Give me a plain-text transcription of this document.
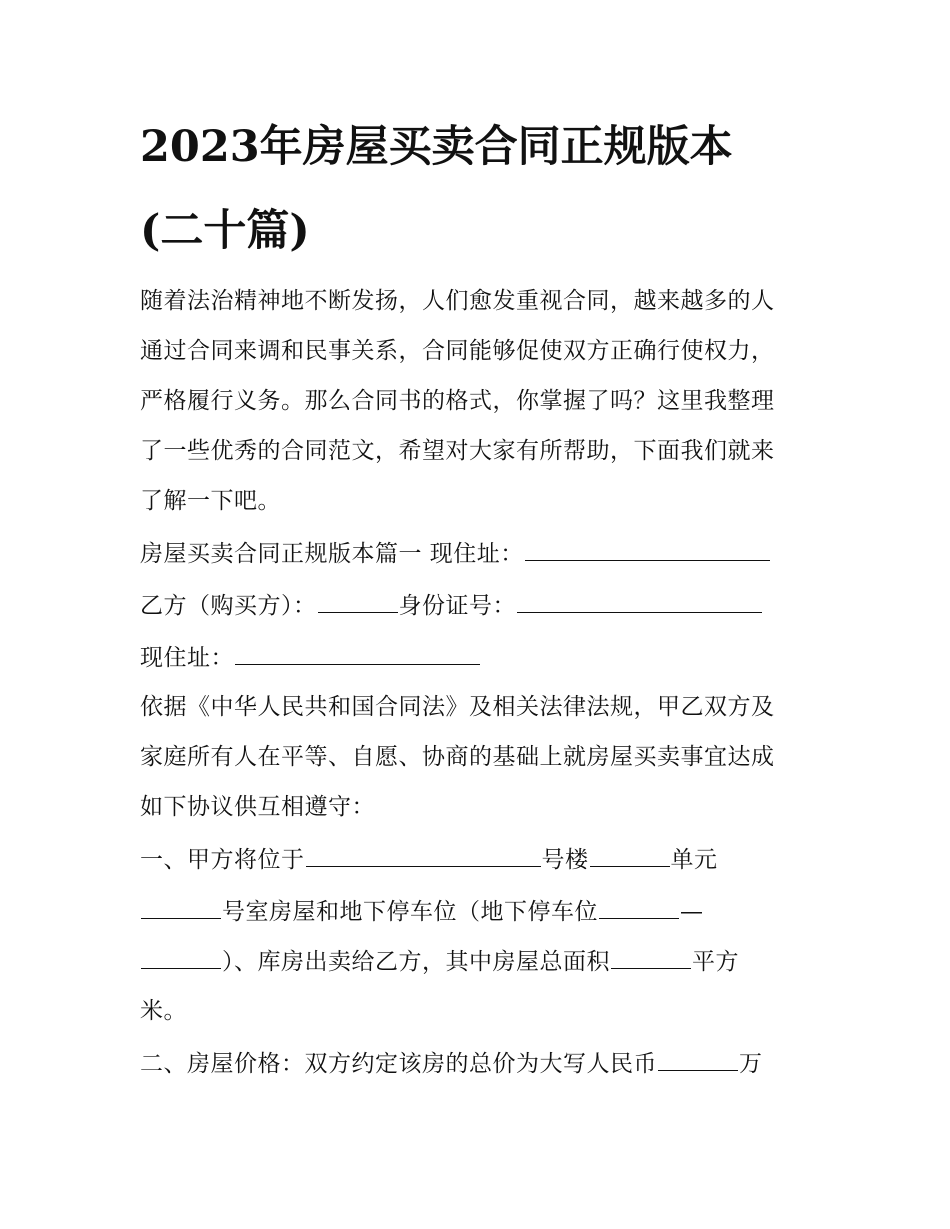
2023年房屋买卖合同正规版本
(二十篇)

随着法治精神地不断发扬，人们愈发重视合同，越来越多的人

通过合同来调和民事关系，合同能够促使双方正确行使权力，

严格履行义务。那么合同书的格式，你掌握了吗？这里我整理

了一些优秀的合同范文，希望对大家有所帮助，下面我们就来

了解一下吧。

房屋买卖合同正规版本篇一 现住址：

乙方（购买方）：	身份证号：

现住址：

依据《中华人民共和国合同法》及相关法律法规，甲乙双方及

家庭所有人在平等、自愿、协商的基础上就房屋买卖事宜达成

如下协议供互相遵守：

一、甲方将位于	号楼	单元

号室房屋和地下停车位（地下停车位	—

）、库房出卖给乙方，其中房屋总面积	平方

米。

二、房屋价格：双方约定该房的总价为大写人民币	万
